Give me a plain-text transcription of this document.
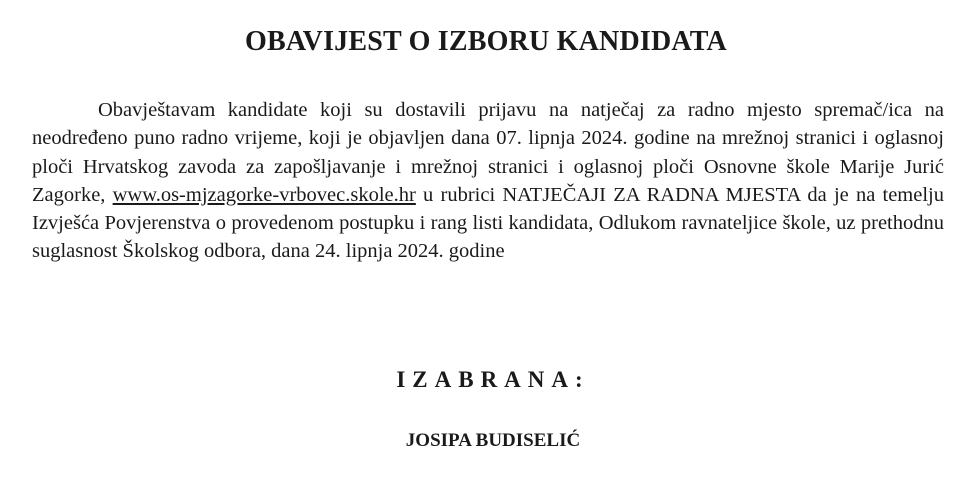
OBAVIJEST O IZBORU KANDIDATA

Obavještavam kandidate koji su dostavili prijavu na natječaj za radno mjesto spremač/ica na neodređeno puno radno vrijeme, koji je objavljen dana 07. lipnja 2024. godine na mrežnoj stranici i oglasnoj ploči Hrvatskog zavoda za zapošljavanje i mrežnoj stranici i oglasnoj ploči Osnovne škole Marije Jurić Zagorke, www.os-mjzagorke-vrbovec.skole.hr u rubrici NATJEČAJI ZA RADNA MJESTA da je na temelju Izvješća Povjerenstva o provedenom postupku i rang listi kandidata, Odlukom ravnateljice škole, uz prethodnu suglasnost Školskog odbora, dana 24. lipnja 2024. godine

IZABRANA:
JOSIPA BUDISELIĆ
